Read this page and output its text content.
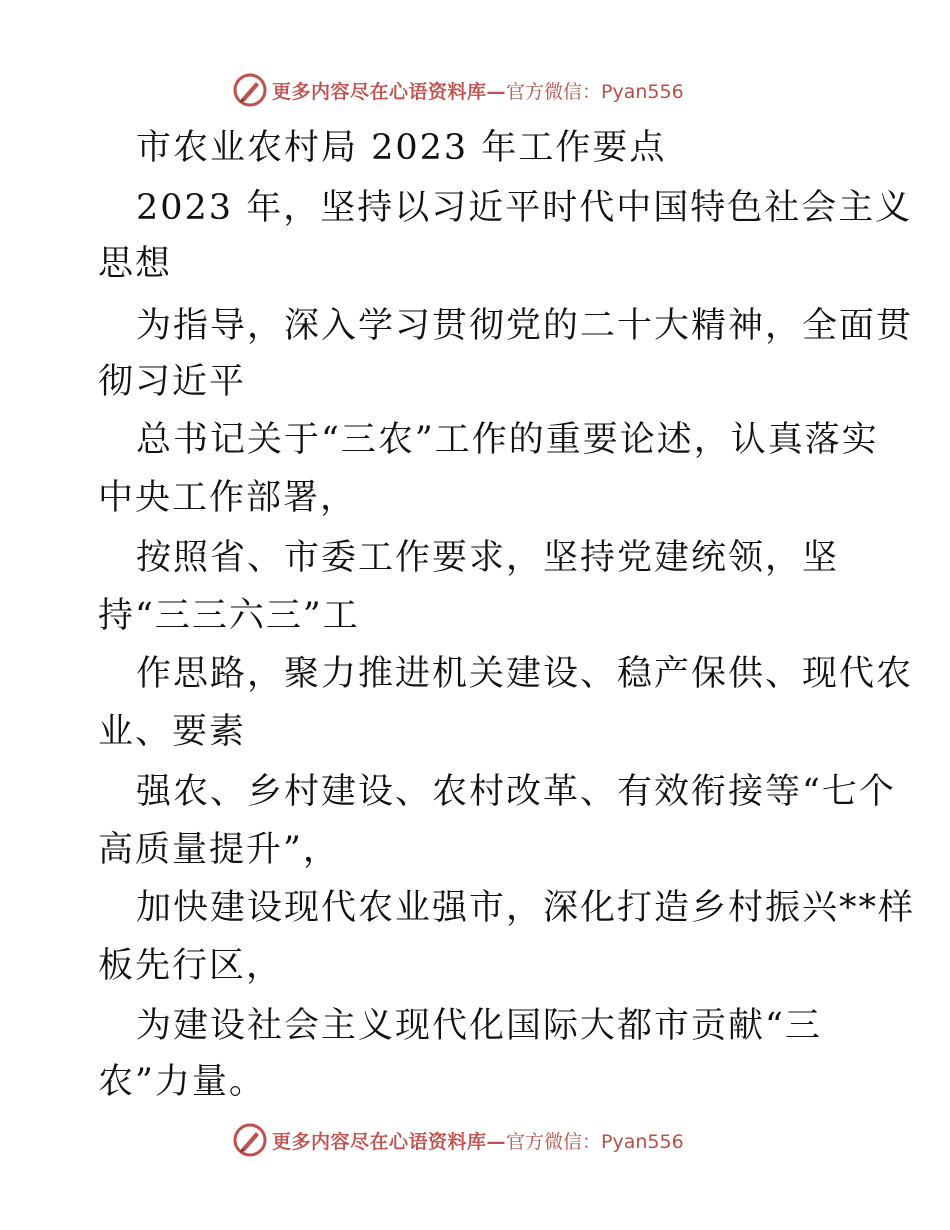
更多内容尽在心语资料库— 官方微信：Pyan556
市农业农村局 2023 年工作要点
2023 年，坚持以习近平时代中国特色社会主义
思想
为指导，深入学习贯彻党的二十大精神，全面贯
彻习近平
总书记关于“三农”工作的重要论述，认真落实
中央工作部署，
按照省、市委工作要求，坚持党建统领，坚
持“三三六三”工
作思路，聚力推进机关建设、稳产保供、现代农
业、要素
强农、乡村建设、农村改革、有效衔接等“七个
高质量提升”，
加快建设现代农业强市，深化打造乡村振兴**样
板先行区，
为建设社会主义现代化国际大都市贡献“三
农”力量。
更多内容尽在心语资料库— 官方微信：Pyan556
